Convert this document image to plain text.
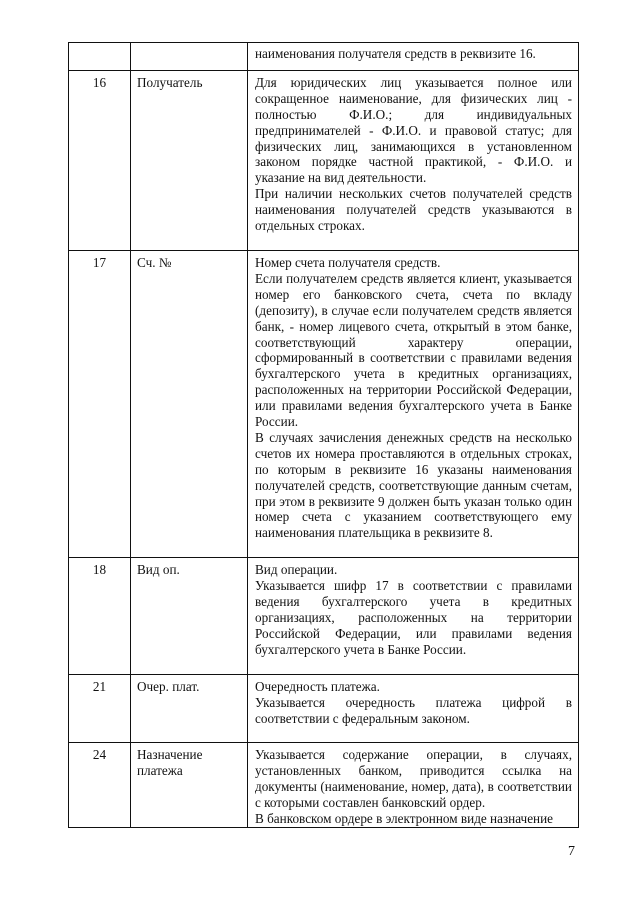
		наименования получателя средств в реквизите 16.

16	Получатель	Для юридических лиц указывается полное или сокращенное наименование, для физических лиц - полностью Ф.И.О.; для индивидуальных предпринимателей - Ф.И.О. и правовой статус; для физических лиц, занимающихся в установленном законом порядке частной практикой, - Ф.И.О. и указание на вид деятельности.

При наличии нескольких счетов получателей средств наименования получателей средств указываются в отдельных строках.

17	Сч. №	Номер счета получателя средств.

Если получателем средств является клиент, указывается номер его банковского счета, счета по вкладу (депозиту), в случае если получателем средств является банк, - номер лицевого счета, открытый в этом банке, соответствующий характеру операции, сформированный в соответствии с правилами ведения бухгалтерского учета в кредитных организациях, расположенных на территории Российской Федерации, или правилами ведения бухгалтерского учета в Банке России.

В случаях зачисления денежных средств на несколько счетов их номера проставляются в отдельных строках, по которым в реквизите 16 указаны наименования получателей средств, соответствующие данным счетам, при этом в реквизите 9 должен быть указан только один номер счета с указанием соответствующего ему наименования плательщика в реквизите 8.

18	Вид оп.	Вид операции.

Указывается шифр 17 в соответствии с правилами ведения бухгалтерского учета в кредитных организациях, расположенных на территории Российской Федерации, или правилами ведения бухгалтерского учета в Банке России.

21	Очер. плат.	Очередность платежа.

Указывается очередность платежа цифрой в соответствии с федеральным законом.

24	Назначение платежа	Указывается содержание операции, в случаях, установленных банком, приводится ссылка на документы (наименование, номер, дата), в соответствии с которыми составлен банковский ордер.

В банковском ордере в электронном виде назначение

7
